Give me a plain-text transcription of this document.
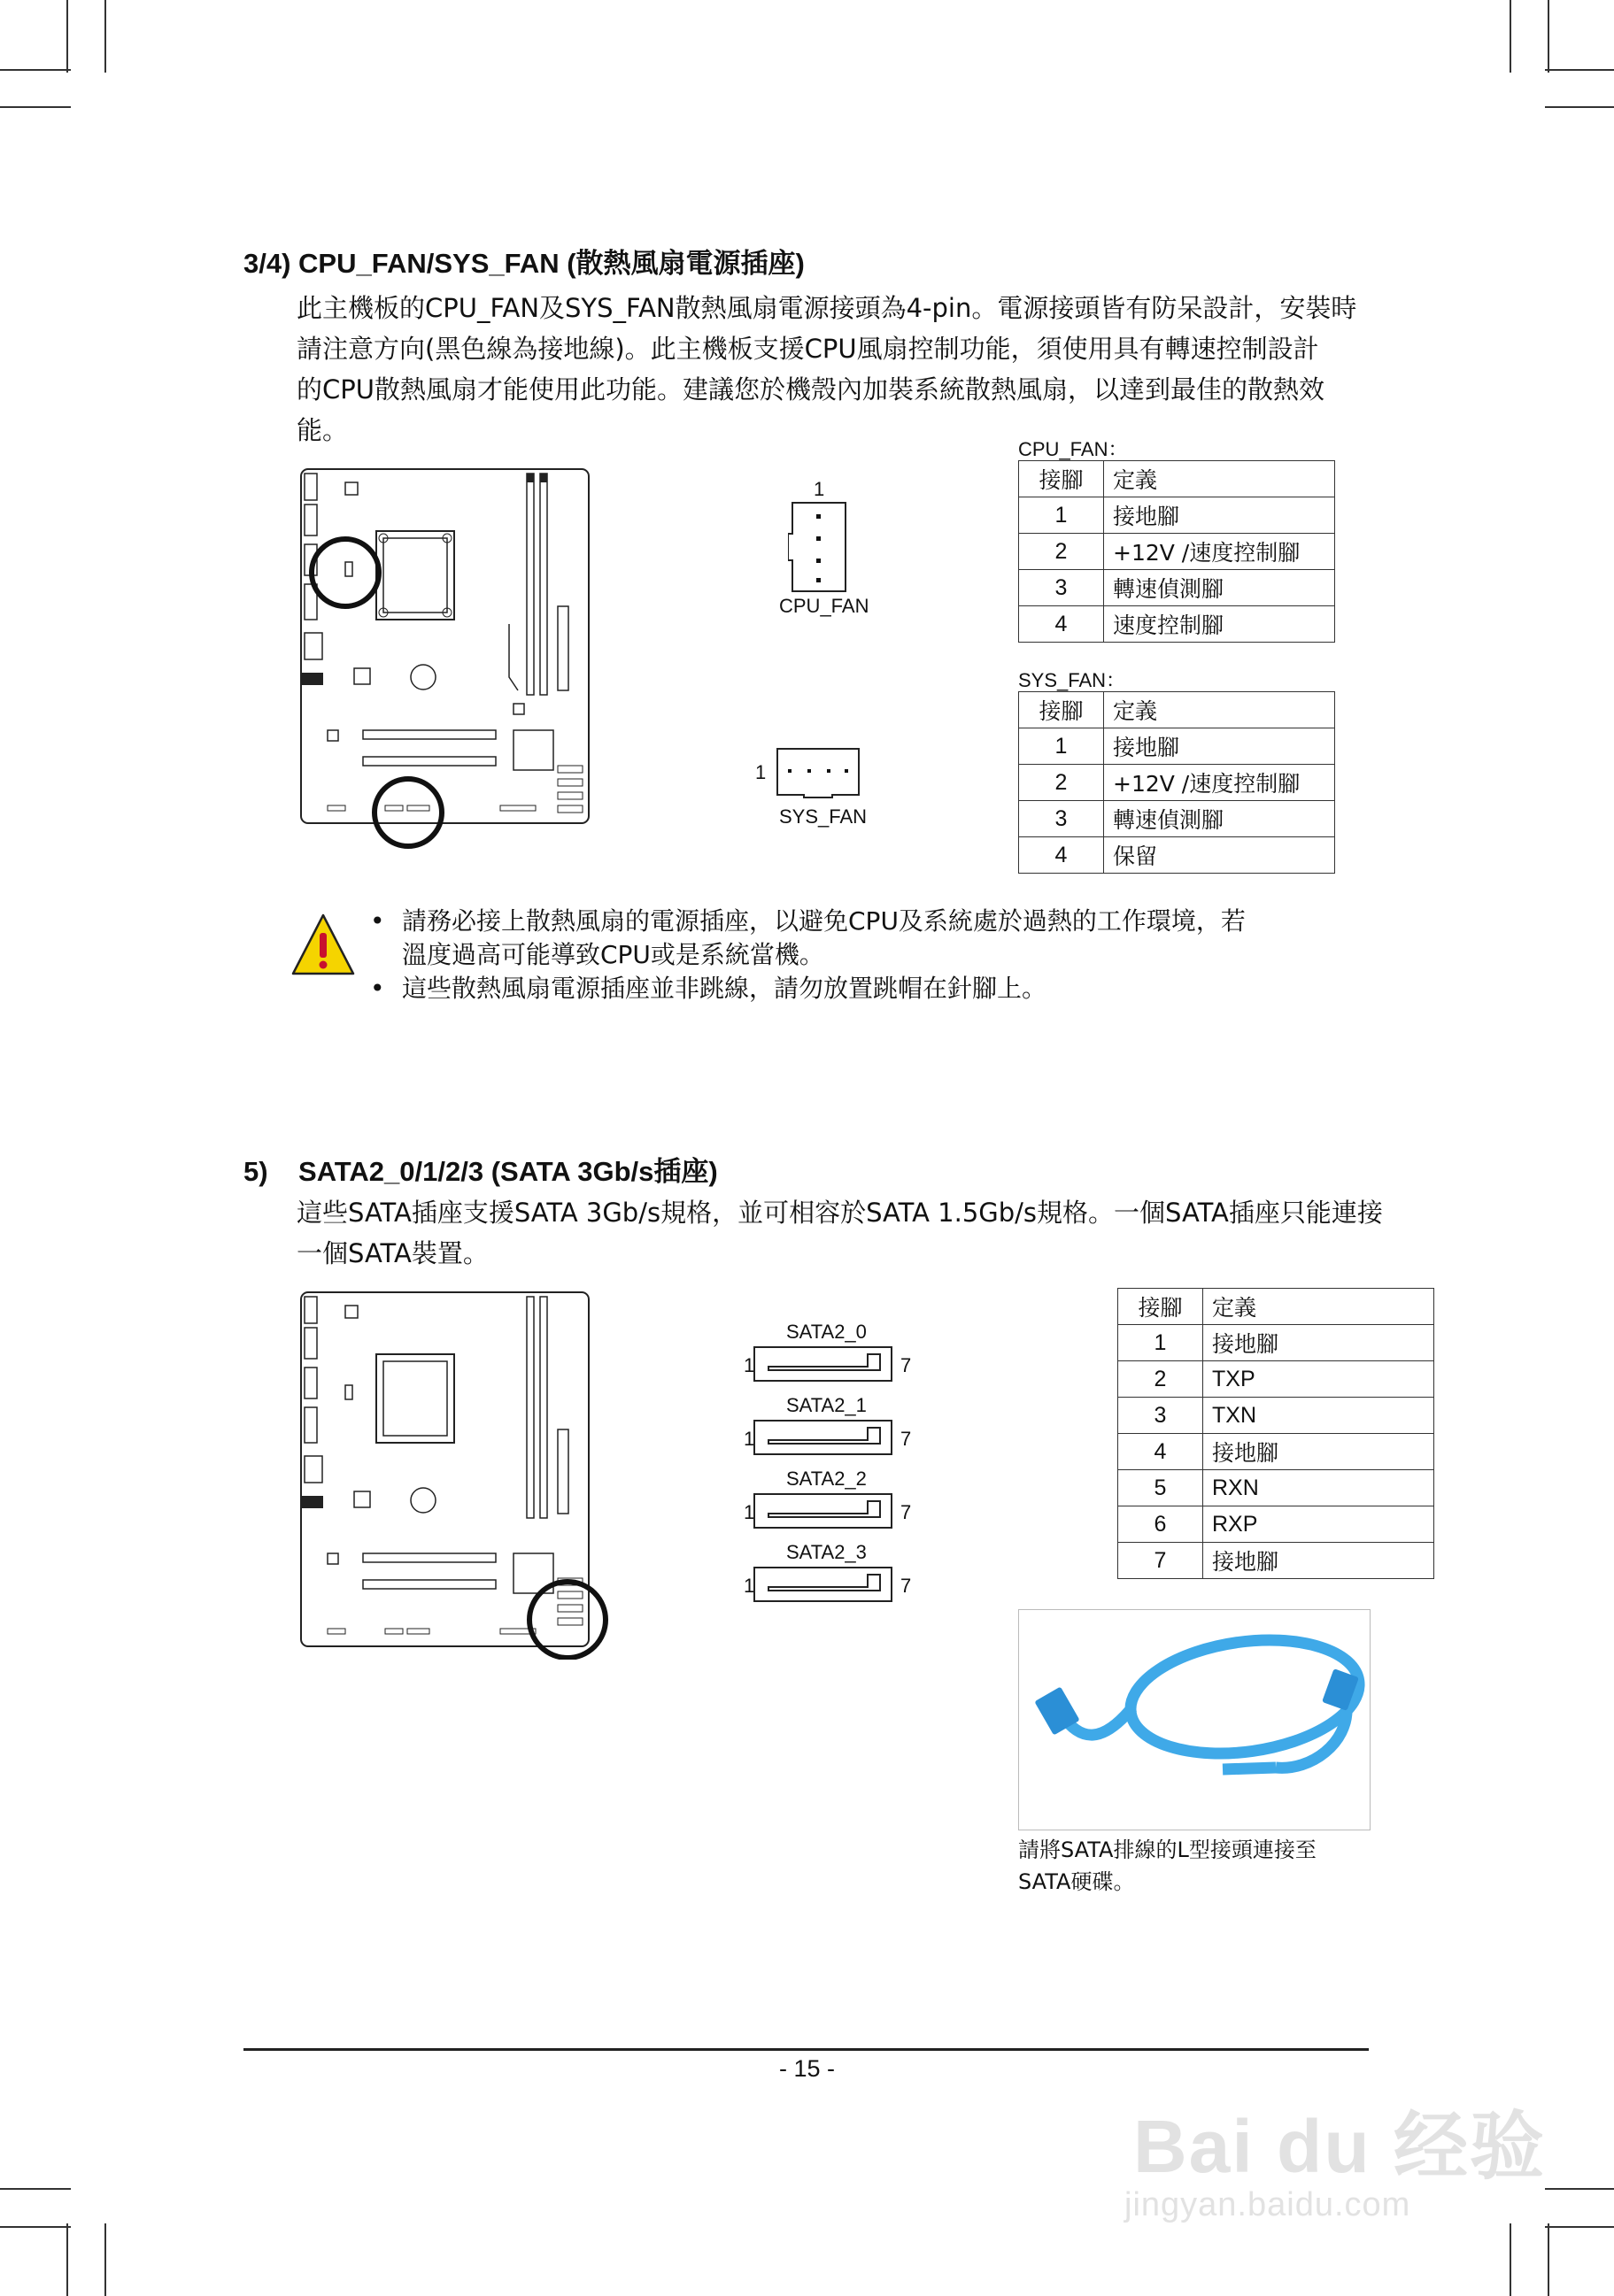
3/4) CPU_FAN/SYS_FAN (散熱風扇電源插座)
此主機板的CPU_FAN及SYS_FAN散熱風扇電源接頭為4-pin。電源接頭皆有防呆設計，安裝時
請注意方向(黑色線為接地線)。此主機板支援CPU風扇控制功能，須使用具有轉速控制設計
的CPU散熱風扇才能使用此功能。建議您於機殼內加裝系統散熱風扇，以達到最佳的散熱效
能。
1
CPU_FAN
1
SYS_FAN
CPU_FAN：
接腳	定義
1	接地腳
2	+12V /速度控制腳
3	轉速偵測腳
4	速度控制腳
SYS_FAN：
接腳	定義
1	接地腳
2	+12V /速度控制腳
3	轉速偵測腳
4	保留
• 請務必接上散熱風扇的電源插座，以避免CPU及系統處於過熱的工作環境，若
溫度過高可能導致CPU或是系統當機。
• 這些散熱風扇電源插座並非跳線，請勿放置跳帽在針腳上。
5)    SATA2_0/1/2/3 (SATA 3Gb/s插座)
這些SATA插座支援SATA 3Gb/s規格，並可相容於SATA 1.5Gb/s規格。一個SATA插座只能連接
一個SATA裝置。
SATA2_0
1	7
SATA2_1
1	7
SATA2_2
1	7
SATA2_3
1	7
接腳	定義
1	接地腳
2	TXP
3	TXN
4	接地腳
5	RXN
6	RXP
7	接地腳
請將SATA排線的L型接頭連接至
SATA硬碟。
- 15 -
Bai du 经验
jingyan.baidu.com
